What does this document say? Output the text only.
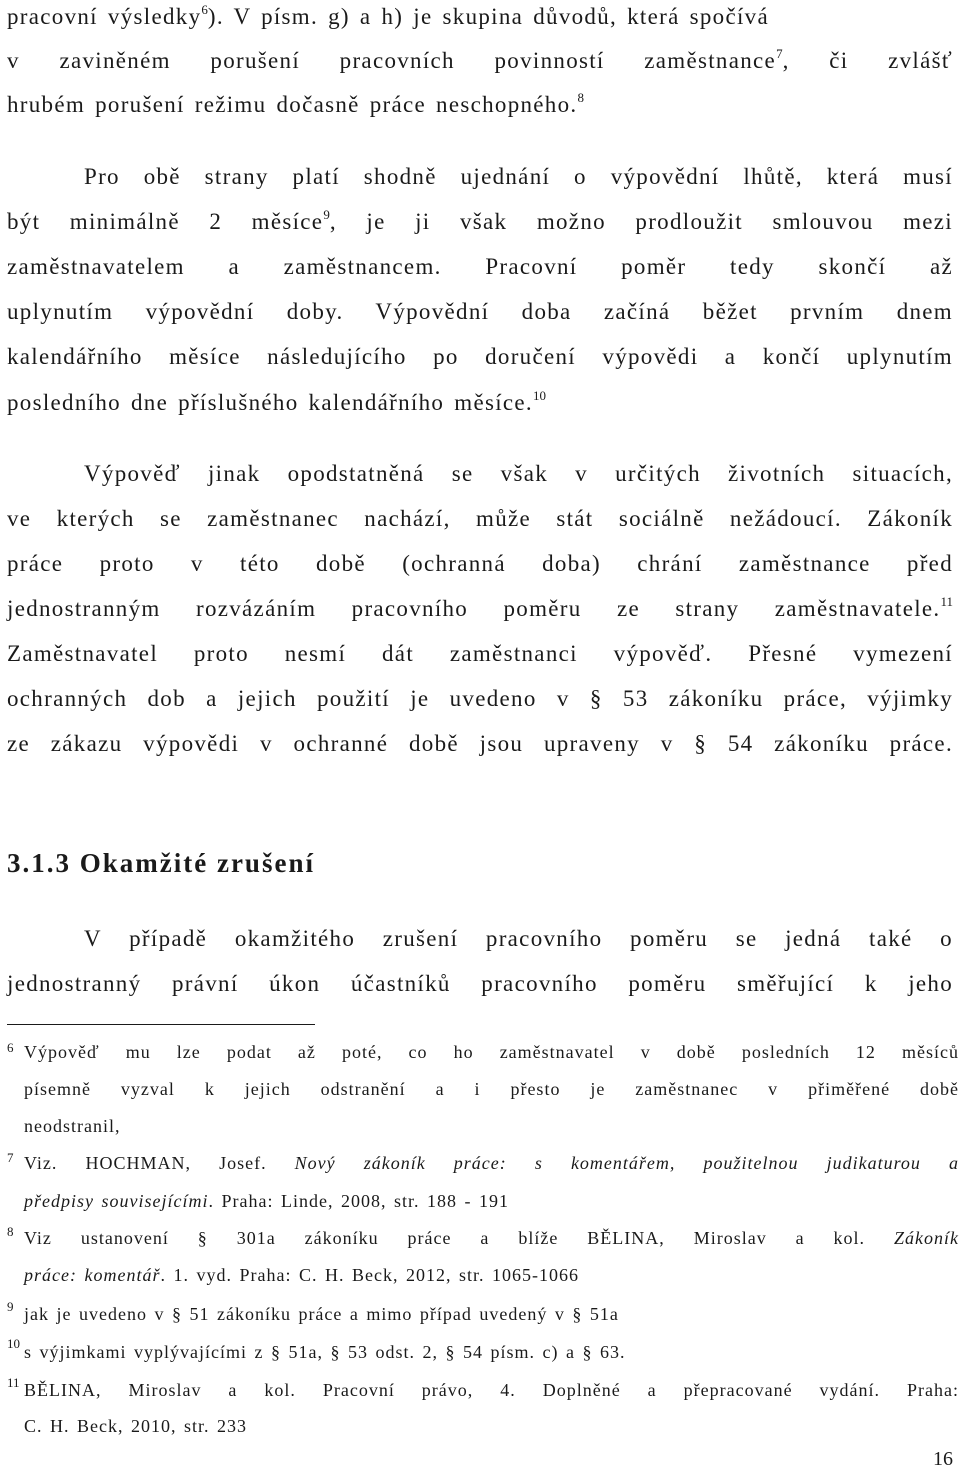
pracovní výsledky$^6$). V písm. g) a h) je skupina důvodů, která spočívá
v zaviněném porušení pracovních povinností zaměstnance$^7$, či zvlášť
hrubém porušení režimu dočasně práce neschopného.$^8$
Pro obě strany platí shodně ujednání o výpovědní lhůtě, která musí
být minimálně 2 měsíce$^9$, je ji však možno prodloužit smlouvou mezi
zaměstnavatelem a zaměstnancem. Pracovní poměr tedy skončí až
uplynutím výpovědní doby. Výpovědní doba začíná běžet prvním dnem
kalendářního měsíce následujícího po doručení výpovědi a končí uplynutím
posledního dne příslušného kalendářního měsíce.$^{10}$
Výpověď jinak opodstatněná se však v určitých životních situacích,
ve kterých se zaměstnanec nachází, může stát sociálně nežádoucí. Zákoník
práce proto v této době (ochranná doba) chrání zaměstnance před
jednostranným rozvázáním pracovního poměru ze strany zaměstnavatele.$^{11}$
Zaměstnavatel proto nesmí dát zaměstnanci výpověď. Přesné vymezení
ochranných dob a jejich použití je uvedeno v § 53 zákoníku práce, výjimky
ze zákazu výpovědi v ochranné době jsou upraveny v § 54 zákoníku práce.
3.1.3 Okamžité zrušení
V případě okamžitého zrušení pracovního poměru se jedná také o
jednostranný právní úkon účastníků pracovního poměru směřující k jeho
6 Výpověď mu lze podat až poté, co ho zaměstnavatel v době posledních 12 měsíců
písemně vyzval k jejich odstranění a i přesto je zaměstnanec v přiměřené době
neodstranil,
7 Viz. HOCHMAN, Josef. Nový zákoník práce: s komentářem, použitelnou judikaturou a
předpisy souvisejícími. Praha: Linde, 2008, str. 188 - 191
8 Viz ustanovení § 301a zákoníku práce a blíže BĚLINA, Miroslav a kol. Zákoník
práce: komentář. 1. vyd. Praha: C. H. Beck, 2012, str. 1065-1066
9 jak je uvedeno v § 51 zákoníku práce a mimo případ uvedený v § 51a
10 s výjimkami vyplývajícími z § 51a, § 53 odst. 2, § 54 písm. c) a § 63.
11 BĚLINA, Miroslav a kol. Pracovní právo, 4. Doplněné a přepracované vydání. Praha:
C. H. Beck, 2010, str. 233
16
